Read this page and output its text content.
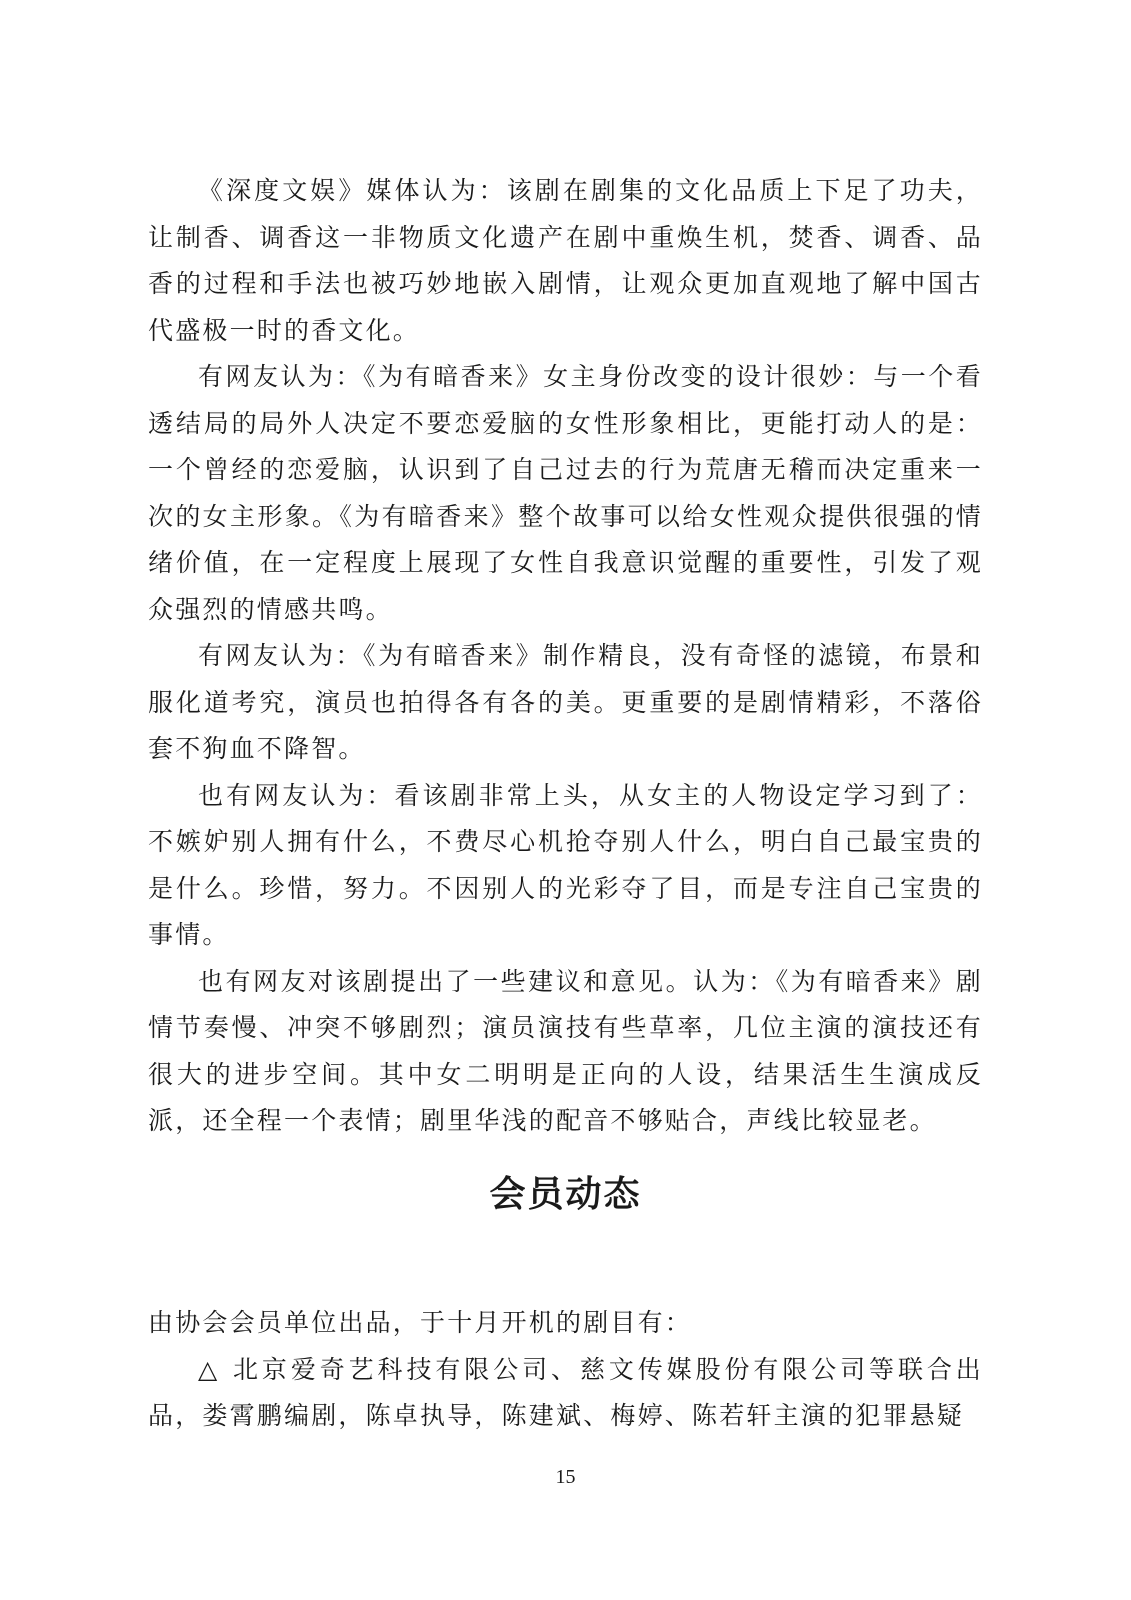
《深度文娱》媒体认为：该剧在剧集的文化品质上下足了功夫，让制香、调香这一非物质文化遗产在剧中重焕生机，焚香、调香、品香的过程和手法也被巧妙地嵌入剧情，让观众更加直观地了解中国古代盛极一时的香文化。

有网友认为：《为有暗香来》女主身份改变的设计很妙：与一个看透结局的局外人决定不要恋爱脑的女性形象相比，更能打动人的是：一个曾经的恋爱脑，认识到了自己过去的行为荒唐无稽而决定重来一次的女主形象。《为有暗香来》整个故事可以给女性观众提供很强的情绪价值，在一定程度上展现了女性自我意识觉醒的重要性，引发了观众强烈的情感共鸣。

有网友认为：《为有暗香来》制作精良，没有奇怪的滤镜，布景和服化道考究，演员也拍得各有各的美。更重要的是剧情精彩，不落俗套不狗血不降智。

也有网友认为：看该剧非常上头，从女主的人物设定学习到了：不嫉妒别人拥有什么，不费尽心机抢夺别人什么，明白自己最宝贵的是什么。珍惜，努力。不因别人的光彩夺了目，而是专注自己宝贵的事情。

也有网友对该剧提出了一些建议和意见。认为：《为有暗香来》剧情节奏慢、冲突不够剧烈；演员演技有些草率，几位主演的演技还有很大的进步空间。其中女二明明是正向的人设，结果活生生演成反派，还全程一个表情；剧里华浅的配音不够贴合，声线比较显老。

会员动态

由协会会员单位出品，于十月开机的剧目有：

△ 北京爱奇艺科技有限公司、慈文传媒股份有限公司等联合出品，娄霄鹏编剧，陈卓执导，陈建斌、梅婷、陈若轩主演的犯罪悬疑

15
